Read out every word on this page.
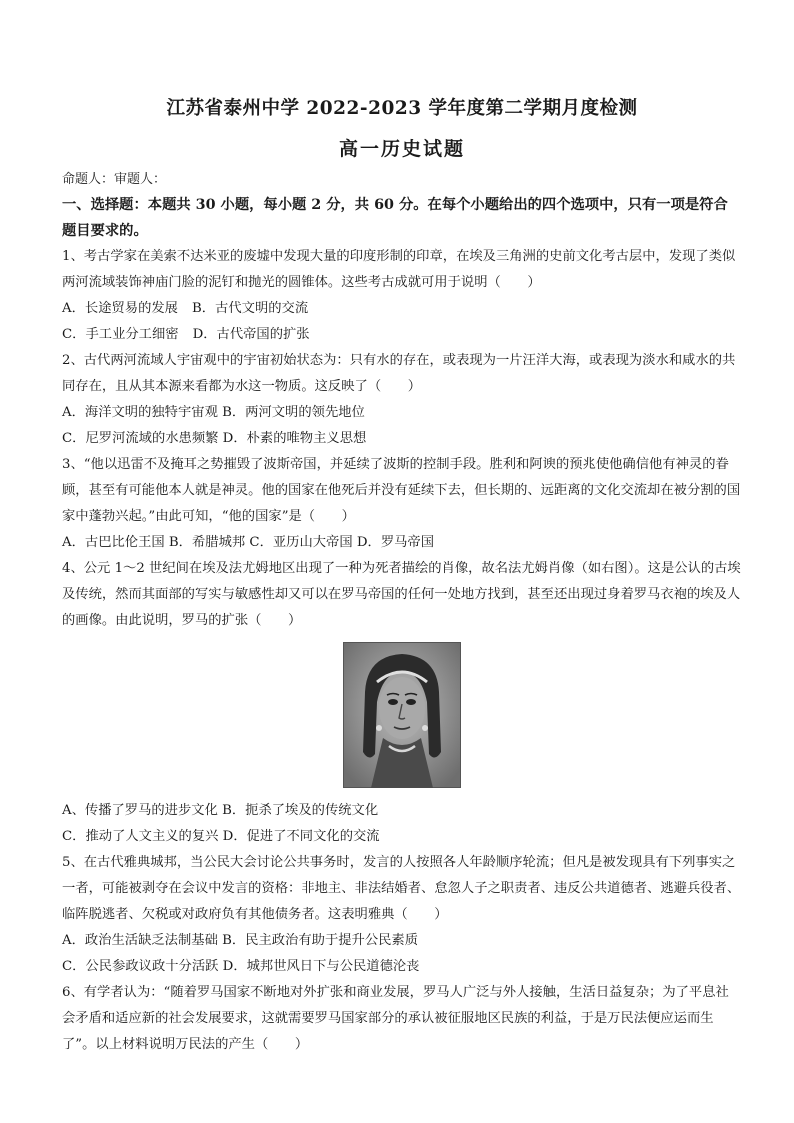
江苏省泰州中学 2022-2023 学年度第二学期月度检测
高一历史试题
命题人：审题人：
一、选择题：本题共 30 小题，每小题 2 分，共 60 分。在每个小题给出的四个选项中，只有一项是符合题目要求的。

1、考古学家在美索不达米亚的废墟中发现大量的印度形制的印章，在埃及三角洲的史前文化考古层中，发现了类似两河流域装饰神庙门脸的泥钉和抛光的圆锥体。这些考古成就可用于说明（　　）

A．长途贸易的发展 B．古代文明的交流

C．手工业分工细密 D．古代帝国的扩张

2、古代两河流域人宇宙观中的宇宙初始状态为：只有水的存在，或表现为一片汪洋大海，或表现为淡水和咸水的共同存在，且从其本源来看都为水这一物质。这反映了（　　）

A．海洋文明的独特宇宙观 B．两河文明的领先地位

C．尼罗河流域的水患频繁 D．朴素的唯物主义思想

3、“他以迅雷不及掩耳之势摧毁了波斯帝国，并延续了波斯的控制手段。胜利和阿谀的预兆使他确信他有神灵的眷顾，甚至有可能他本人就是神灵。他的国家在他死后并没有延续下去，但长期的、远距离的文化交流却在被分割的国家中蓬勃兴起。”由此可知，“他的国家”是（　　）

A．古巴比伦王国 B．希腊城邦 C．亚历山大帝国 D．罗马帝国

4、公元 1～2 世纪间在埃及法尤姆地区出现了一种为死者描绘的肖像，故名法尤姆肖像（如右图）。这是公认的古埃及传统，然而其面部的写实与敏感性却又可以在罗马帝国的任何一处地方找到，甚至还出现过身着罗马衣袍的埃及人的画像。由此说明，罗马的扩张（　　）

A、传播了罗马的进步文化 B．扼杀了埃及的传统文化

C．推动了人文主义的复兴 D．促进了不同文化的交流

5、在古代雅典城邦，当公民大会讨论公共事务时，发言的人按照各人年龄顺序轮流；但凡是被发现具有下列事实之一者，可能被剥夺在会议中发言的资格：非地主、非法结婚者、怠忽人子之职责者、违反公共道德者、逃避兵役者、临阵脱逃者、欠税或对政府负有其他债务者。这表明雅典（　　）

A．政治生活缺乏法制基础 B．民主政治有助于提升公民素质

C．公民参政议政十分活跃 D．城邦世风日下与公民道德沦丧

6、有学者认为：“随着罗马国家不断地对外扩张和商业发展，罗马人广泛与外人接触，生活日益复杂；为了平息社会矛盾和适应新的社会发展要求，这就需要罗马国家部分的承认被征服地区民族的利益，于是万民法便应运而生了”。以上材料说明万民法的产生（　　）
